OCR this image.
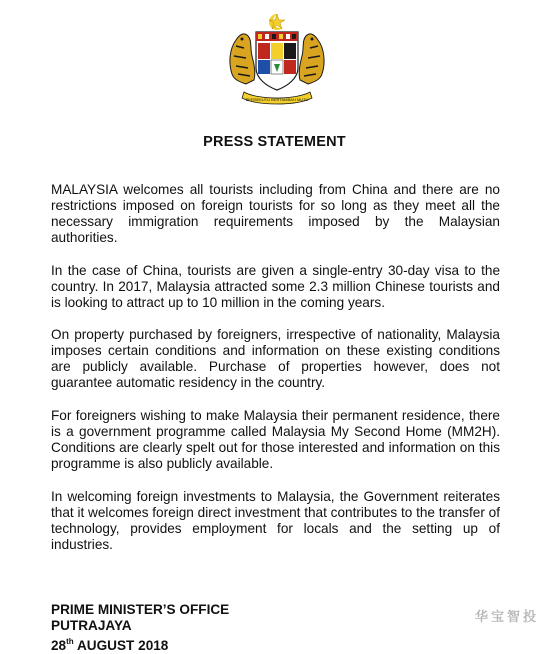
BERSEKUTU BERTAMBAH MUTU
PRESS STATEMENT

MALAYSIA welcomes all tourists including from China and there are no restrictions imposed on foreign tourists for so long as they meet all the necessary immigration requirements imposed by the Malaysian authorities.

In the case of China, tourists are given a single-entry 30-day visa to the country. In 2017, Malaysia attracted some 2.3 million Chinese tourists and is looking to attract up to 10 million in the coming years.

On property purchased by foreigners, irrespective of nationality, Malaysia imposes certain conditions and information on these existing conditions are publicly available. Purchase of properties however, does not guarantee automatic residency in the country.

For foreigners wishing to make Malaysia their permanent residence, there is a government programme called Malaysia My Second Home (MM2H). Conditions are clearly spelt out for those interested and information on this programme is also publicly available.

In welcoming foreign investments to Malaysia, the Government reiterates that it welcomes foreign direct investment that contributes to the transfer of technology, provides employment for locals and the setting up of industries.

PRIME MINISTER’S OFFICE
PUTRAJAYA
28th AUGUST 2018
华宝智投
